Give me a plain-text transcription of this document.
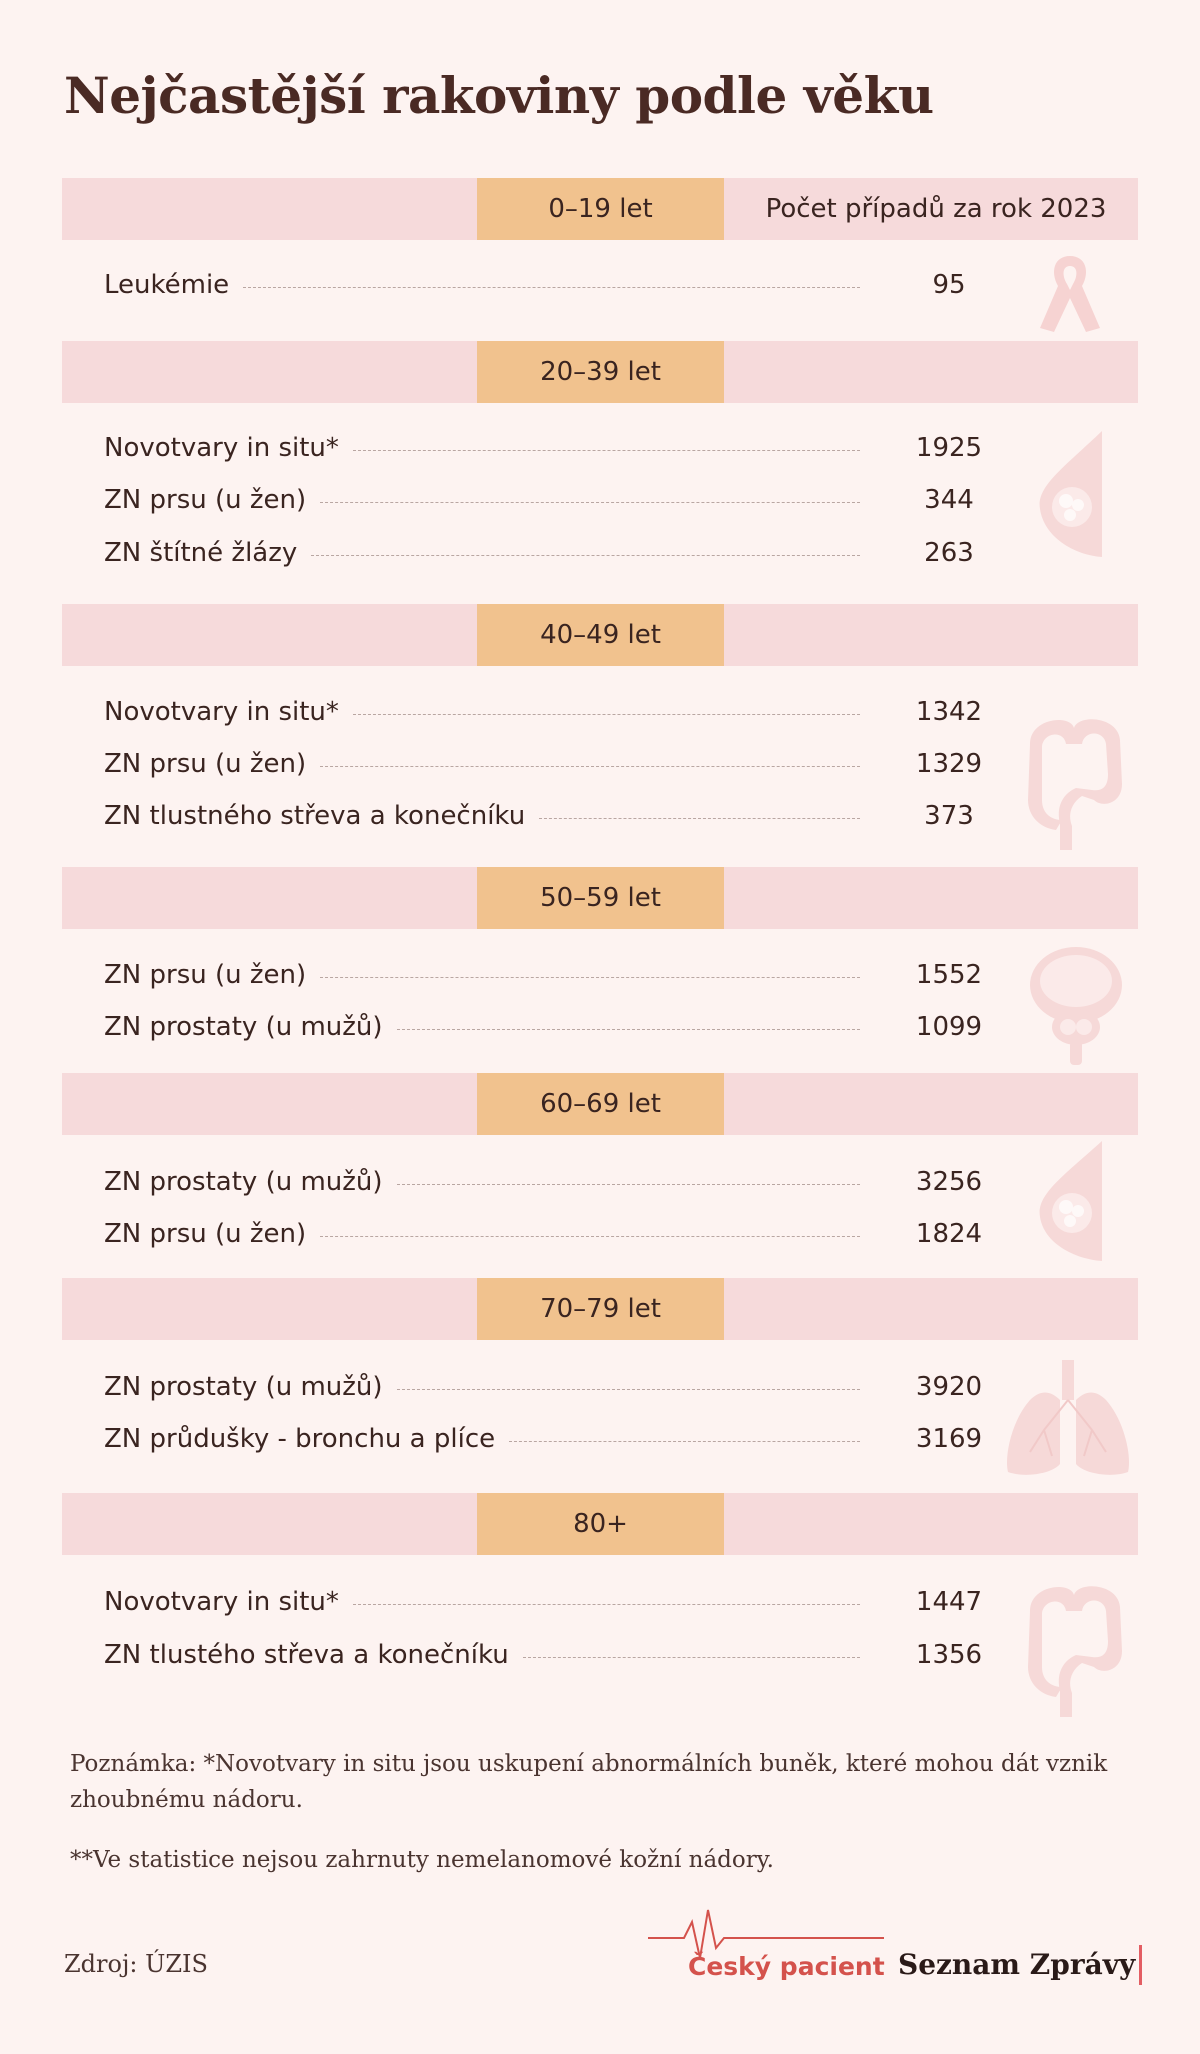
Nejčastější rakoviny podle věku
0–19 let	Počet případů za rok 2023
Leukémie	95
20–39 let
Novotvary in situ*	1925
ZN prsu (u žen)	344
ZN štítné žlázy	263
40–49 let
Novotvary in situ*	1342
ZN prsu (u žen)	1329
ZN tlustného střeva a konečníku	373
50–59 let
ZN prsu (u žen)	1552
ZN prostaty (u mužů)	1099
60–69 let
ZN prostaty (u mužů)	3256
ZN prsu (u žen)	1824
70–79 let
ZN prostaty (u mužů)	3920
ZN průdušky - bronchu a plíce	3169
80+
Novotvary in situ*	1447
ZN tlustého střeva a konečníku	1356
Poznámka: *Novotvary in situ jsou uskupení abnormálních buněk, které mohou dát vznik zhoubnému nádoru.
**Ve statistice nejsou zahrnuty nemelanomové kožní nádory.
Zdroj: ÚZIS	Český pacient Seznam Zprávy
